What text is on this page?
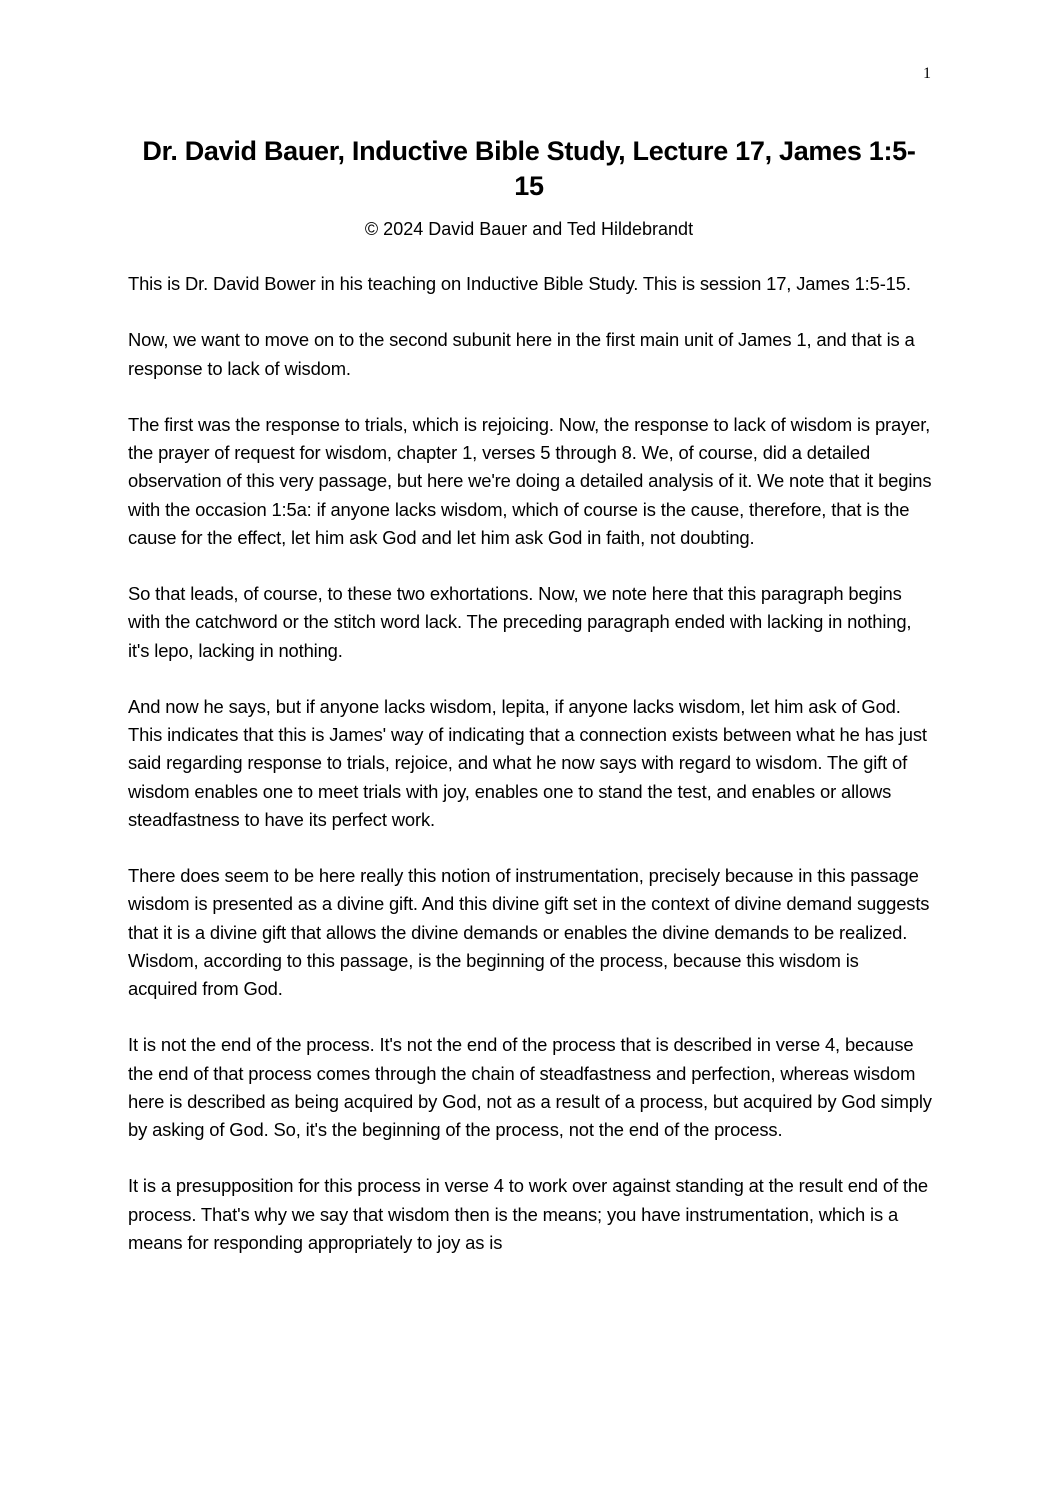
1
Dr. David Bauer, Inductive Bible Study, Lecture 17, James 1:5-15
© 2024 David Bauer and Ted Hildebrandt

This is Dr. David Bower in his teaching on Inductive Bible Study. This is session 17, James 1:5-15.

Now, we want to move on to the second subunit here in the first main unit of James 1, and that is a response to lack of wisdom.

The first was the response to trials, which is rejoicing. Now, the response to lack of wisdom is prayer, the prayer of request for wisdom, chapter 1, verses 5 through 8. We, of course, did a detailed observation of this very passage, but here we're doing a detailed analysis of it. We note that it begins with the occasion 1:5a: if anyone lacks wisdom, which of course is the cause, therefore, that is the cause for the effect, let him ask God and let him ask God in faith, not doubting.

So that leads, of course, to these two exhortations. Now, we note here that this paragraph begins with the catchword or the stitch word lack. The preceding paragraph ended with lacking in nothing, it's lepo, lacking in nothing.

And now he says, but if anyone lacks wisdom, lepita, if anyone lacks wisdom, let him ask of God. This indicates that this is James' way of indicating that a connection exists between what he has just said regarding response to trials, rejoice, and what he now says with regard to wisdom. The gift of wisdom enables one to meet trials with joy, enables one to stand the test, and enables or allows steadfastness to have its perfect work.

There does seem to be here really this notion of instrumentation, precisely because in this passage wisdom is presented as a divine gift. And this divine gift set in the context of divine demand suggests that it is a divine gift that allows the divine demands or enables the divine demands to be realized. Wisdom, according to this passage, is the beginning of the process, because this wisdom is acquired from God.

It is not the end of the process. It's not the end of the process that is described in verse 4, because the end of that process comes through the chain of steadfastness and perfection, whereas wisdom here is described as being acquired by God, not as a result of a process, but acquired by God simply by asking of God. So, it's the beginning of the process, not the end of the process.

It is a presupposition for this process in verse 4 to work over against standing at the result end of the process. That's why we say that wisdom then is the means; you have instrumentation, which is a means for responding appropriately to joy as is
